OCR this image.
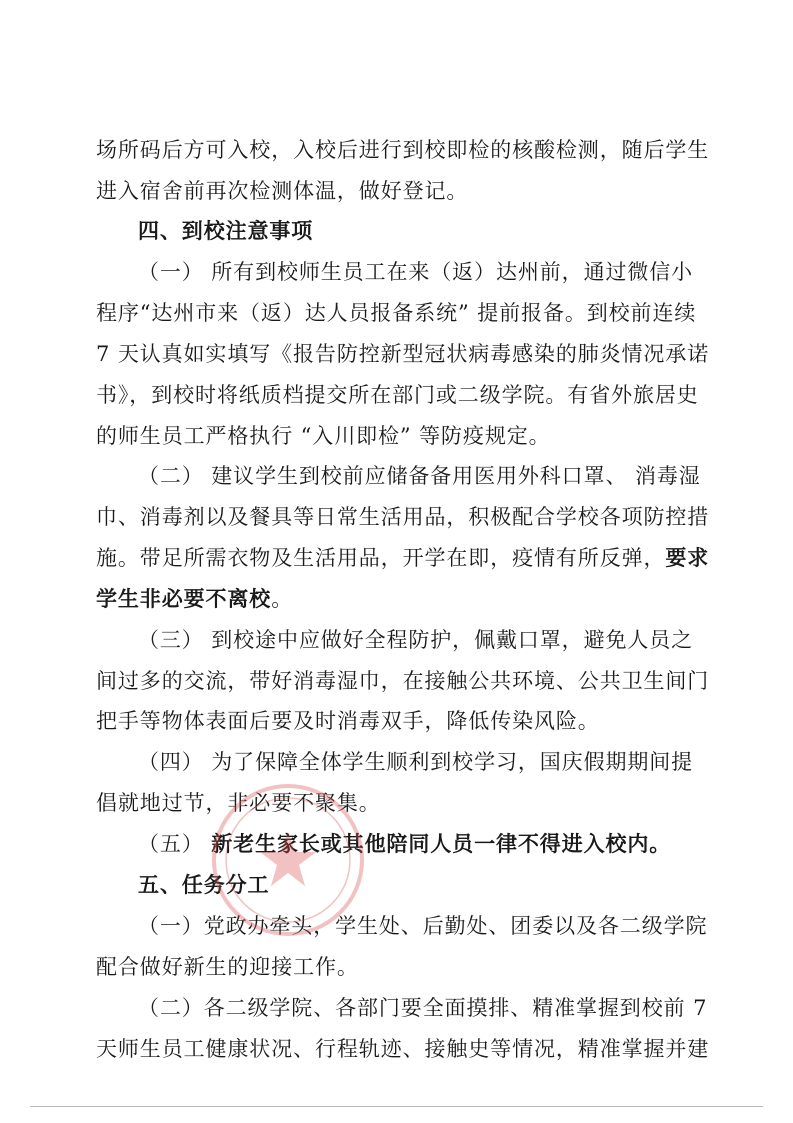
场所码后方可入校，入校后进行到校即检的核酸检测，随后学生
进入宿舍前再次检测体温，做好登记。
四、到校注意事项
（一） 所有到校师生员工在来（返）达州前，通过微信小
程序“达州市来（返）达人员报备系统” 提前报备。到校前连续
7 天认真如实填写《报告防控新型冠状病毒感染的肺炎情况承诺
书》，到校时将纸质档提交所在部门或二级学院。有省外旅居史
的师生员工严格执行 “入川即检” 等防疫规定。
（二） 建议学生到校前应储备备用医用外科口罩、 消毒湿
巾、消毒剂以及餐具等日常生活用品，积极配合学校各项防控措
施。带足所需衣物及生活用品，开学在即，疫情有所反弹，要求
学生非必要不离校。
（三） 到校途中应做好全程防护，佩戴口罩，避免人员之
间过多的交流，带好消毒湿巾，在接触公共环境、公共卫生间门
把手等物体表面后要及时消毒双手，降低传染风险。
（四） 为了保障全体学生顺利到校学习，国庆假期期间提
倡就地过节，非必要不聚集。
（五） 新老生家长或其他陪同人员一律不得进入校内。
五、任务分工
（一）党政办牵头，学生处、后勤处、团委以及各二级学院
配合做好新生的迎接工作。
（二）各二级学院、各部门要全面摸排、精准掌握到校前 7
天师生员工健康状况、行程轨迹、接触史等情况，精准掌握并建
